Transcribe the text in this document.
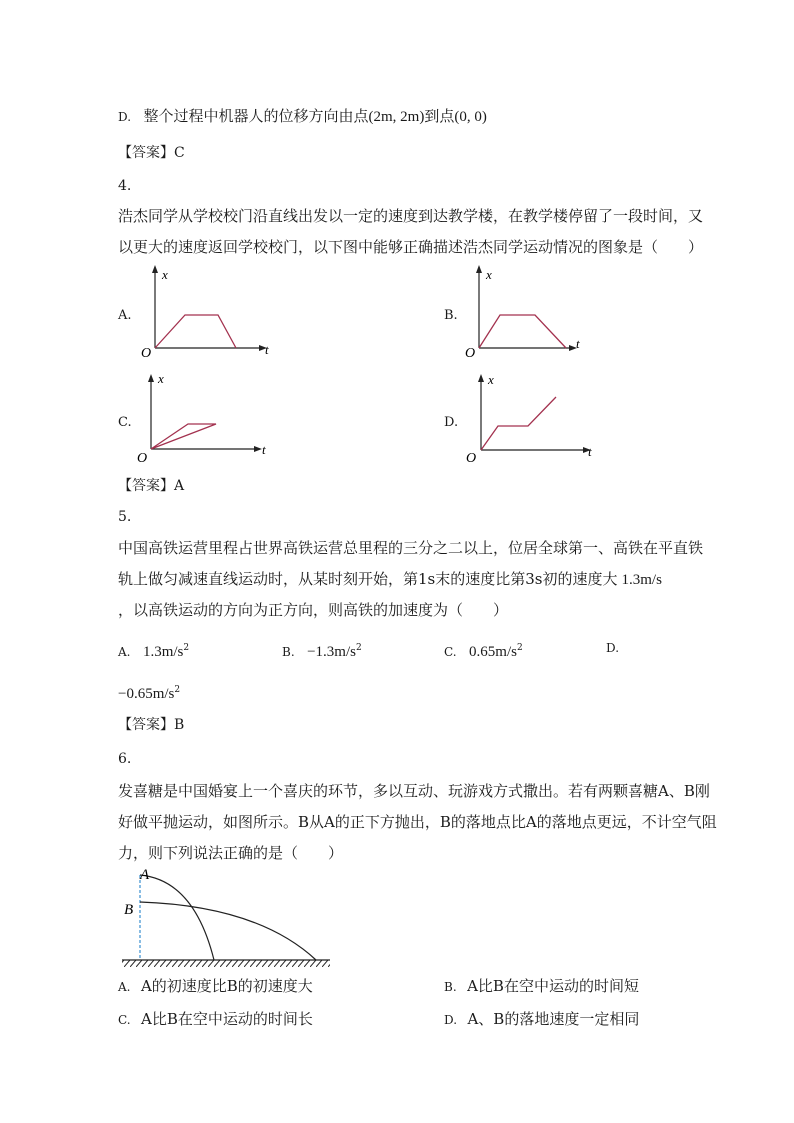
D. 整个过程中机器人的位移方向由点(2m, 2m)到点(0, 0)
【答案】C
4.
浩杰同学从学校校门沿直线出发以一定的速度到达教学楼，在教学楼停留了一段时间，又
以更大的速度返回学校校门，以下图中能够正确描述浩杰同学运动情况的图象是（　　）
A.
x
t
O
B.
x
t
O
C.
x
t
O
D.
x
t
O
【答案】A
5.
中国高铁运营里程占世界高铁运营总里程的三分之二以上，位居全球第一、高铁在平直铁
轨上做匀减速直线运动时，从某时刻开始，第1s末的速度比第3s初的速度大 1.3m/s
，以高铁运动的方向为正方向，则高铁的加速度为（　　）
A. $1.3m/s^2$	B. $-1.3m/s^2$	C. $0.65m/s^2$	D.
$-0.65m/s^2$
【答案】B
6.
发喜糖是中国婚宴上一个喜庆的环节，多以互动、玩游戏方式撒出。若有两颗喜糖A、B刚
好做平抛运动，如图所示。B从A的正下方抛出，B的落地点比A的落地点更远，不计空气阻
力，则下列说法正确的是（　　）
A
B
A. A的初速度比B的初速度大	B. A比B在空中运动的时间短
C. A比B在空中运动的时间长	D. A、B的落地速度一定相同
